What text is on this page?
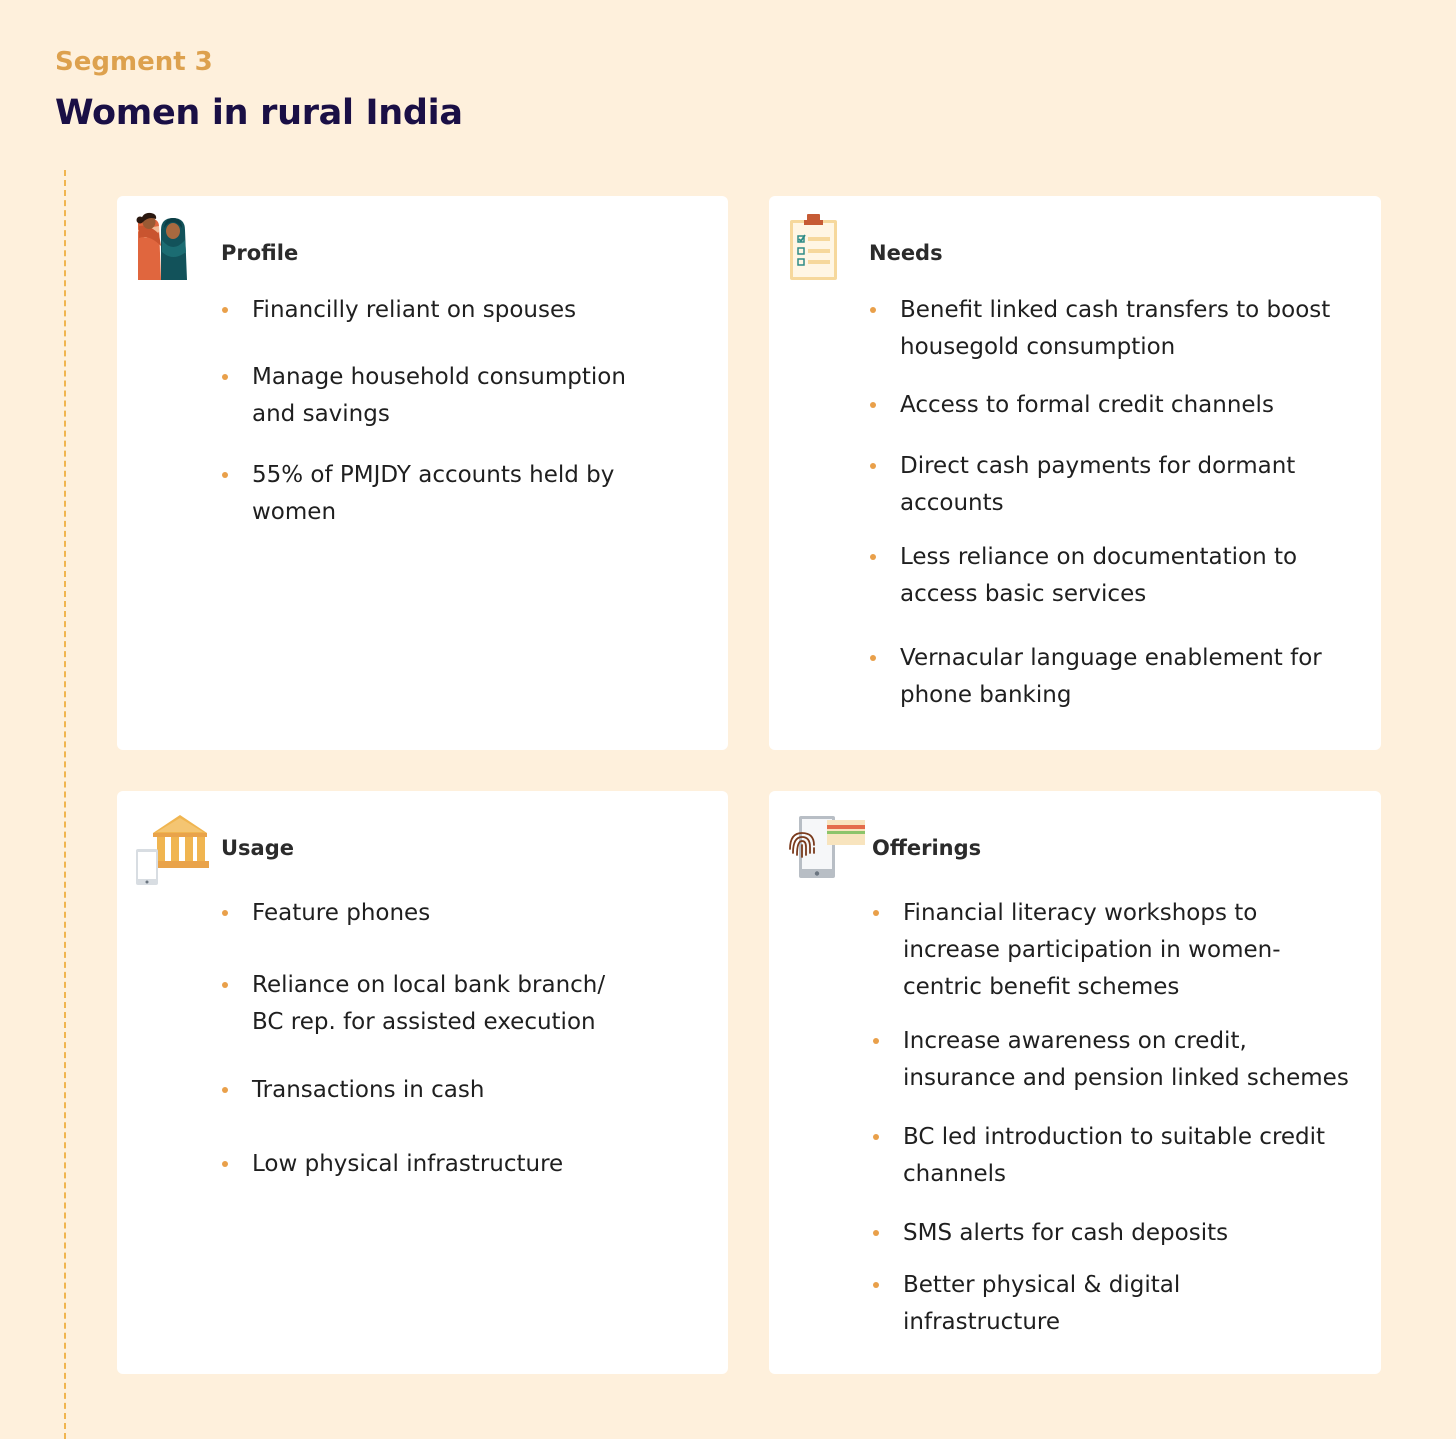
Segment 3
Women in rural India
Profile
Financilly reliant on spouses
Manage household consumption
and savings
55% of PMJDY accounts held by
women
Needs
Benefit linked cash transfers to boost
housegold consumption
Access to formal credit channels
Direct cash payments for dormant
accounts
Less reliance on documentation to
access basic services
Vernacular language enablement for
phone banking
Usage
Feature phones
Reliance on local bank branch/
BC rep. for assisted execution
Transactions in cash
Low physical infrastructure
Offerings
Financial literacy workshops to
increase participation in women-
centric benefit schemes
Increase awareness on credit,
insurance and pension linked schemes
BC led introduction to suitable credit
channels
SMS alerts for cash deposits
Better physical & digital
infrastructure
